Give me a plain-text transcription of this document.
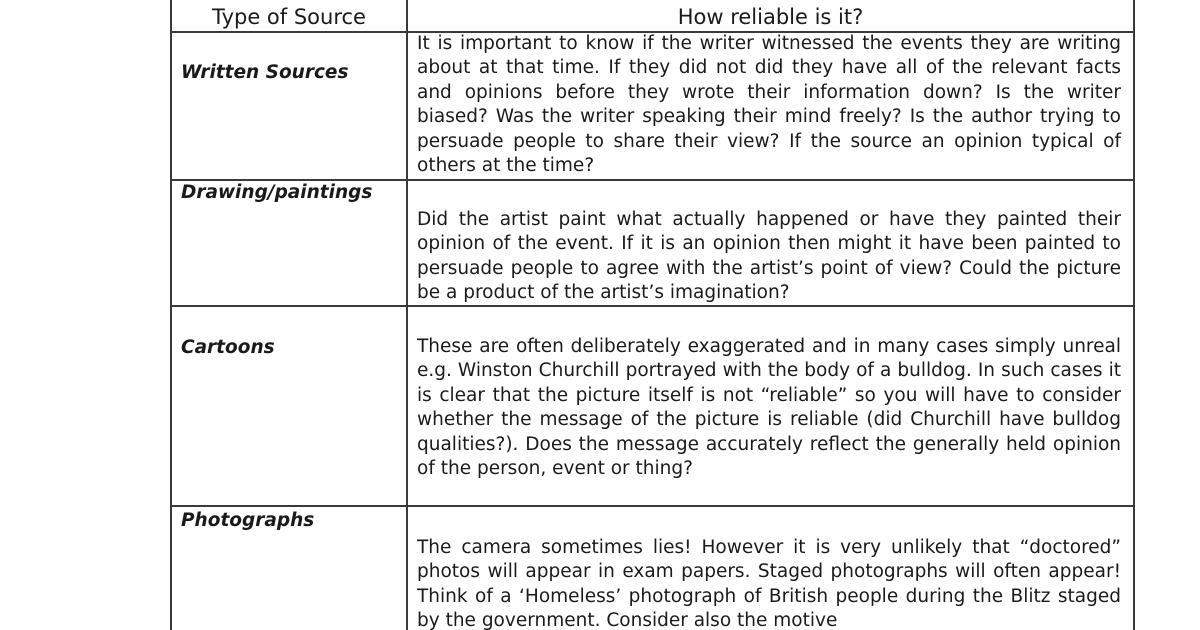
Type of Source	How reliable is it?
Written Sources
It is important to know if the writer witnessed the events they are writing about at that time. If they did not did they have all of the relevant facts and opinions before they wrote their information down? Is the writer biased? Was the writer speaking their mind freely? Is the author trying to persuade people to share their view? If the source an opinion typical of others at the time?
Drawing/paintings
Did the artist paint what actually happened or have they painted their opinion of the event. If it is an opinion then might it have been painted to persuade people to agree with the artist’s point of view? Could the picture be a product of the artist’s imagination?
Cartoons	These are often deliberately exaggerated and in many cases simply unreal e.g. Winston Churchill portrayed with the body of a bulldog. In such cases it is clear that the picture itself is not “reliable” so you will have to consider whether the message of the picture is reliable (did Churchill have bulldog qualities?). Does the message accurately reflect the generally held opinion of the person, event or thing?
Photographs
The camera sometimes lies! However it is very unlikely that “doctored” photos will appear in exam papers. Staged photographs will often appear! Think of a ‘Homeless’ photograph of British people during the Blitz staged by the government. Consider also the motive
